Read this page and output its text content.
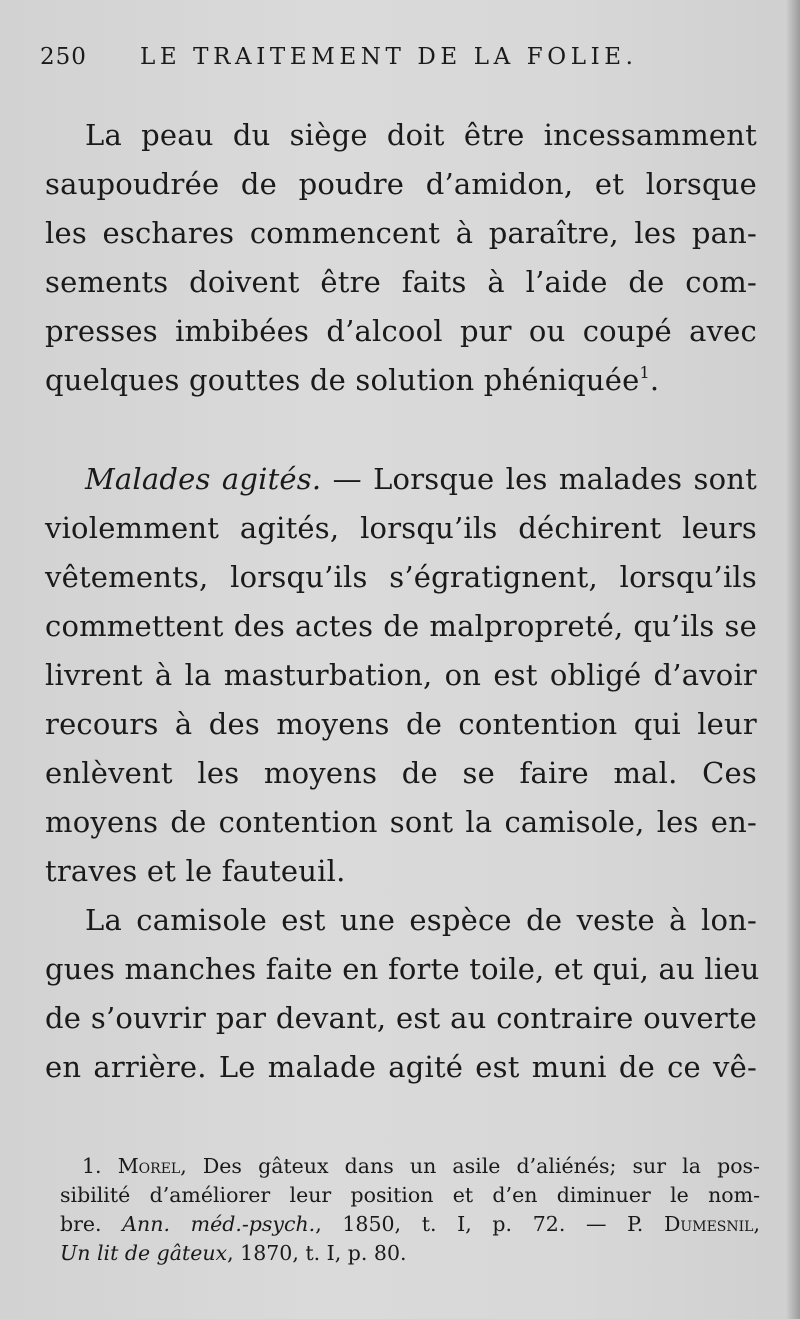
250 LE TRAITEMENT DE LA FOLIE.
La peau du siège doit être incessamment
saupoudrée de poudre d’amidon, et lorsque
les eschares commencent à paraître, les pan-
sements doivent être faits à l’aide de com-
presses imbibées d’alcool pur ou coupé avec
quelques gouttes de solution phéniquée$^1$.
Malades agités. — Lorsque les malades sont
violemment agités, lorsqu’ils déchirent leurs
vêtements, lorsqu’ils s’égratignent, lorsqu’ils
commettent des actes de malpropreté, qu’ils se
livrent à la masturbation, on est obligé d’avoir
recours à des moyens de contention qui leur
enlèvent les moyens de se faire mal. Ces
moyens de contention sont la camisole, les en-
traves et le fauteuil.
La camisole est une espèce de veste à lon-
gues manches faite en forte toile, et qui, au lieu
de s’ouvrir par devant, est au contraire ouverte
en arrière. Le malade agité est muni de ce vê-
1. Morel, Des gâteux dans un asile d’aliénés; sur la pos-
sibilité d’améliorer leur position et d’en diminuer le nom-
bre. Ann. méd.-psych., 1850, t. I, p. 72. — P. Dumesnil,
Un lit de gâteux, 1870, t. I, p. 80.
